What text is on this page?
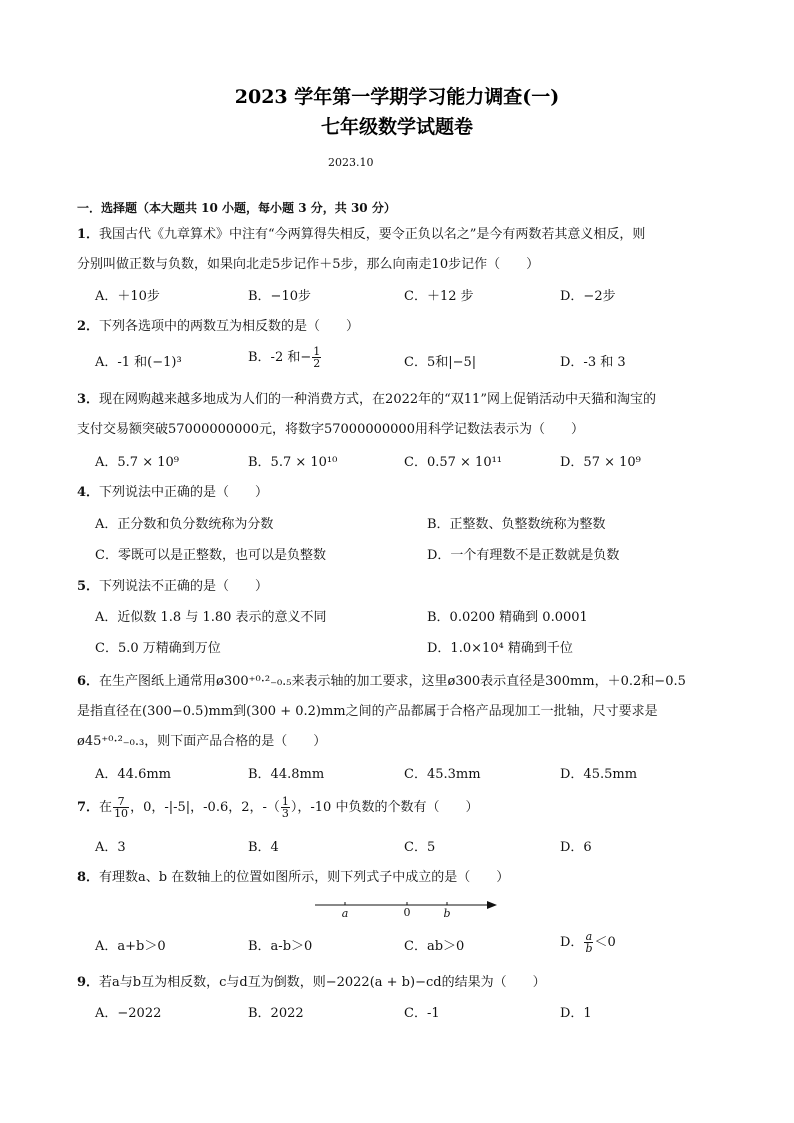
2023 学年第一学期学习能力调查(一)
七年级数学试题卷
2023.10
一．选择题（本大题共 10 小题，每小题 3 分，共 30 分）
1．我国古代《九章算术》中注有“今两算得失相反，要令正负以名之”是今有两数若其意义相反，则
分别叫做正数与负数，如果向北走5步记作＋5步，那么向南走10步记作（　　）
A．＋10步	B．−10步	C．＋12 步	D．−2步
2．下列各选项中的两数互为相反数的是（　　）
A．-1 和(−1)³	B．-2 和− $\frac{1}{2}$	C．5和|−5|	D．-3 和 3
3．现在网购越来越多地成为人们的一种消费方式，在2022年的“双11”网上促销活动中天猫和淘宝的
支付交易额突破57000000000元，将数字57000000000用科学记数法表示为（　　）
A．5.7 × 10⁹	B．5.7 × 10¹⁰	C．0.57 × 10¹¹	D．57 × 10⁹
4．下列说法中正确的是（　　）
A．正分数和负分数统称为分数	B．正整数、负整数统称为整数
C．零既可以是正整数，也可以是负整数	D．一个有理数不是正数就是负数
5．下列说法不正确的是（　　）
A．近似数 1.8 与 1.80 表示的意义不同	B．0.0200 精确到 0.0001
C．5.0 万精确到万位	D．1.0×10⁴ 精确到千位
6．在生产图纸上通常用ø300⁺⁰·²₋₀.₅来表示轴的加工要求，这里ø300表示直径是300mm，＋0.2和−0.5
是指直径在(300−0.5)mm到(300 + 0.2)mm之间的产品都属于合格产品现加工一批轴，尺寸要求是
ø45⁺⁰·²₋₀.₃，则下面产品合格的是（　　）
A．44.6mm	B．44.8mm	C．45.3mm	D．45.5mm
7．在 $\frac{7}{10}$ ，0，-|-5|，-0.6，2，-（ $\frac{1}{3}$ ），-10 中负数的个数有（　　）
A．3	B．4	C．5	D．6
8．有理数a、b 在数轴上的位置如图所示，则下列式子中成立的是（　　）
a	0	b
A．a+b＞0	B．a-b＞0	C．ab＞0	D． $\frac{a}{b} <0$
9．若a与b互为相反数，c与d互为倒数，则−2022(a + b)−cd的结果为（　　）
A．−2022	B．2022	C．-1	D．1
